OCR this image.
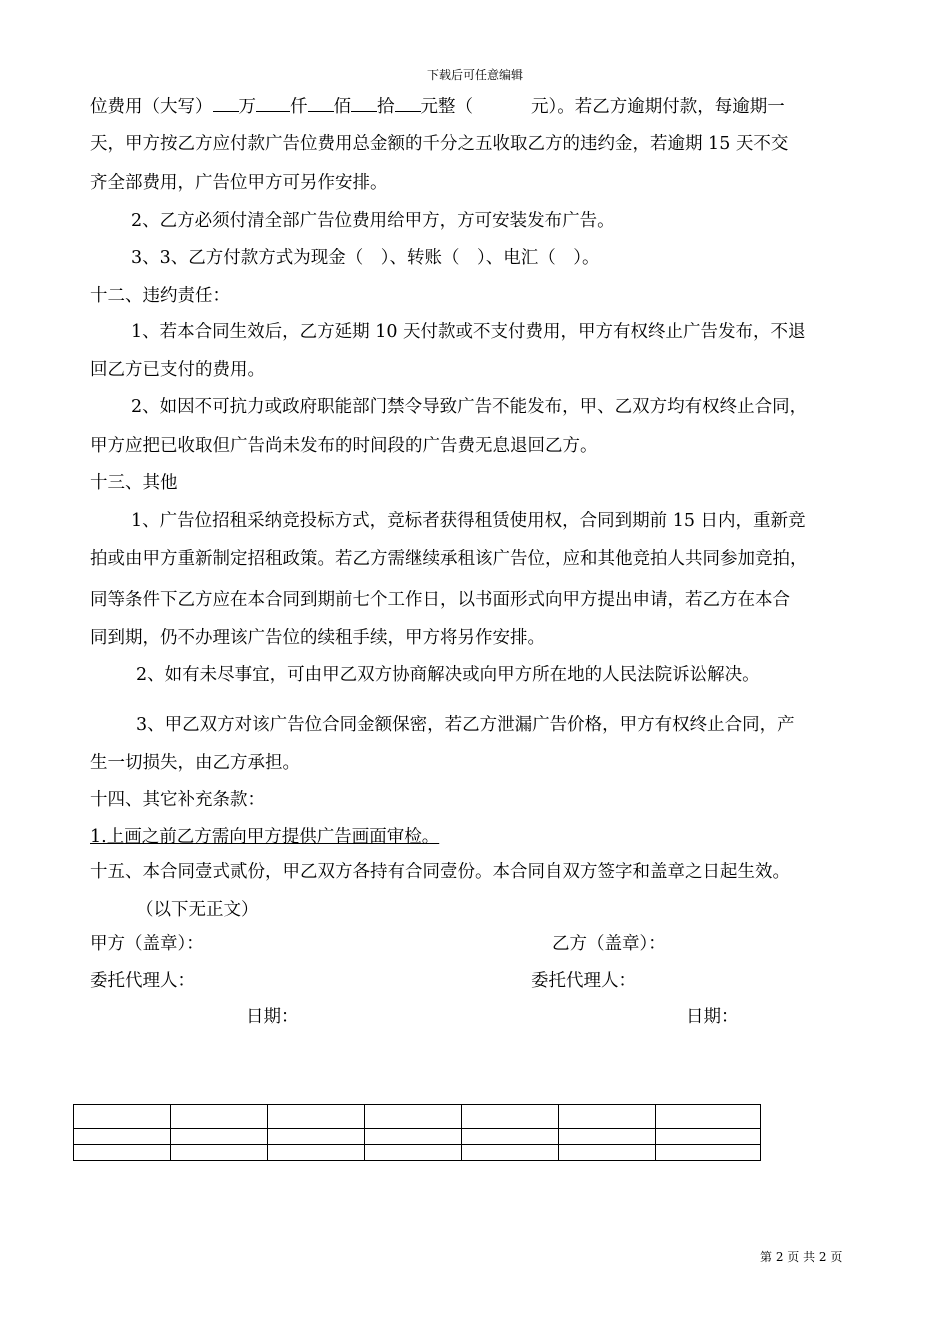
下载后可任意编辑
位费用（大写） 万 仟 佰 拾 元整（	元）。若乙方逾期付款，每逾期一
天，甲方按乙方应付款广告位费用总金额的千分之五收取乙方的违约金，若逾期 15 天不交
齐全部费用，广告位甲方可另作安排。
2、乙方必须付清全部广告位费用给甲方，方可安装发布广告。
3、3、乙方付款方式为现金（　）、转账（　）、电汇（　）。
十二、违约责任：
1、若本合同生效后，乙方延期 10 天付款或不支付费用，甲方有权终止广告发布，不退
回乙方已支付的费用。
2、如因不可抗力或政府职能部门禁令导致广告不能发布，甲、乙双方均有权终止合同，
甲方应把已收取但广告尚未发布的时间段的广告费无息退回乙方。
十三、其他
1、广告位招租采纳竞投标方式，竞标者获得租赁使用权，合同到期前 15 日内，重新竞
拍或由甲方重新制定招租政策。若乙方需继续承租该广告位，应和其他竞拍人共同参加竞拍，
同等条件下乙方应在本合同到期前七个工作日，以书面形式向甲方提出申请，若乙方在本合
同到期，仍不办理该广告位的续租手续，甲方将另作安排。
2、如有未尽事宜，可由甲乙双方协商解决或向甲方所在地的人民法院诉讼解决。
3、甲乙双方对该广告位合同金额保密，若乙方泄漏广告价格，甲方有权终止合同，产
生一切损失，由乙方承担。
十四、其它补充条款：
1.上画之前乙方需向甲方提供广告画面审检。
十五、本合同壹式贰份，甲乙双方各持有合同壹份。本合同自双方签字和盖章之日起生效。
（以下无正文）
甲方（盖章）：	乙方（盖章）：
委托代理人：	委托代理人：
日期：	日期：

第 2 页 共 2 页
